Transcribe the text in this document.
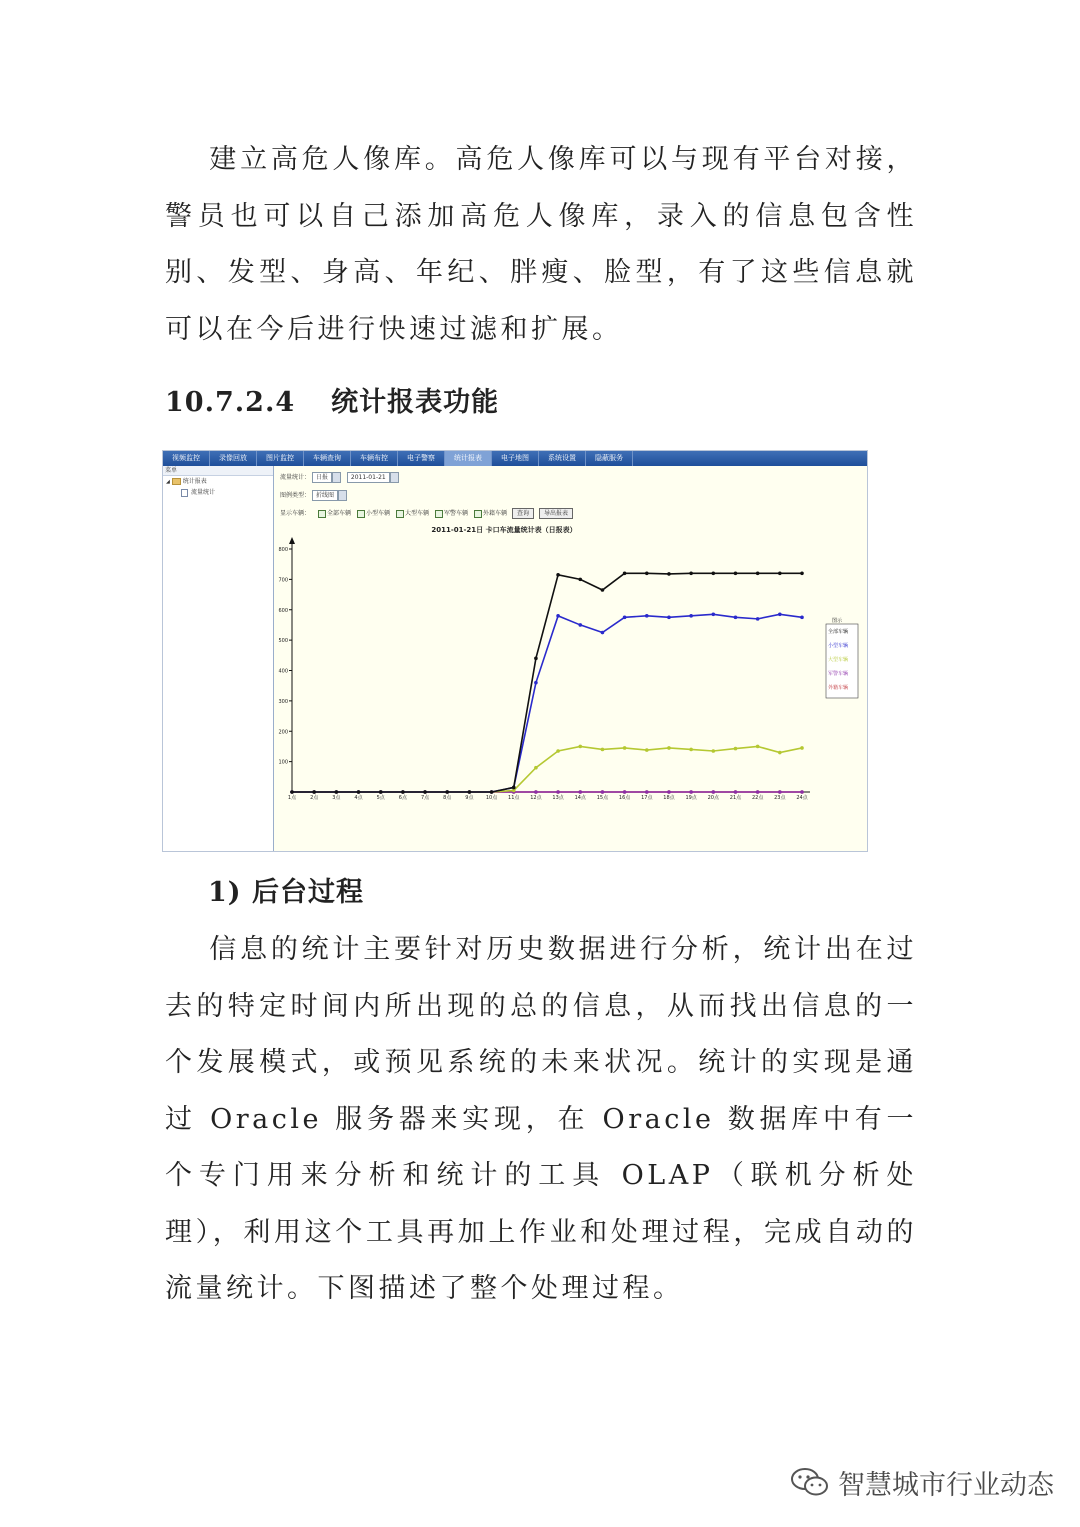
建立高危人像库。高危人像库可以与现有平台对接，警员也可以自己添加高危人像库，录入的信息包含性别、发型、身高、年纪、胖瘦、脸型，有了这些信息就可以在今后进行快速过滤和扩展。

10.7.2.4 统计报表功能
视频监控	录像回放	图片监控	车辆查询	车辆布控	电子警察	统计报表	电子地图	系统设置	隐蔽服务
菜单
◢ 统计报表
流量统计
流量统计： 日报	2011-01-21
图例类型： 折线图
显示车辆：	全部车辆	小型车辆	大型车辆	军警车辆	外籍车辆 查询	导出报表
2011-01-21日 卡口车流量统计表（日报表）
100
200
300
400
500
600
700
800
1点	2点	3点	4点	5点	6点	7点	8点	9点 10点 11点 12点 13点 14点 15点 16点 17点 18点 19点 20点 21点 22点 23点 24点
图示
全部车辆
小型车辆
大型车辆
军警车辆
外籍车辆
1) 后台过程

信息的统计主要针对历史数据进行分析，统计出在过去的特定时间内所出现的总的信息，从而找出信息的一个发展模式，或预见系统的未来状况。统计的实现是通过 Oracle 服务器来实现，在 Oracle 数据库中有一个专门用来分析和统计的工具 OLAP（联机分析处理），利用这个工具再加上作业和处理过程，完成自动的流量统计。下图描述了整个处理过程。

智慧城市行业动态
